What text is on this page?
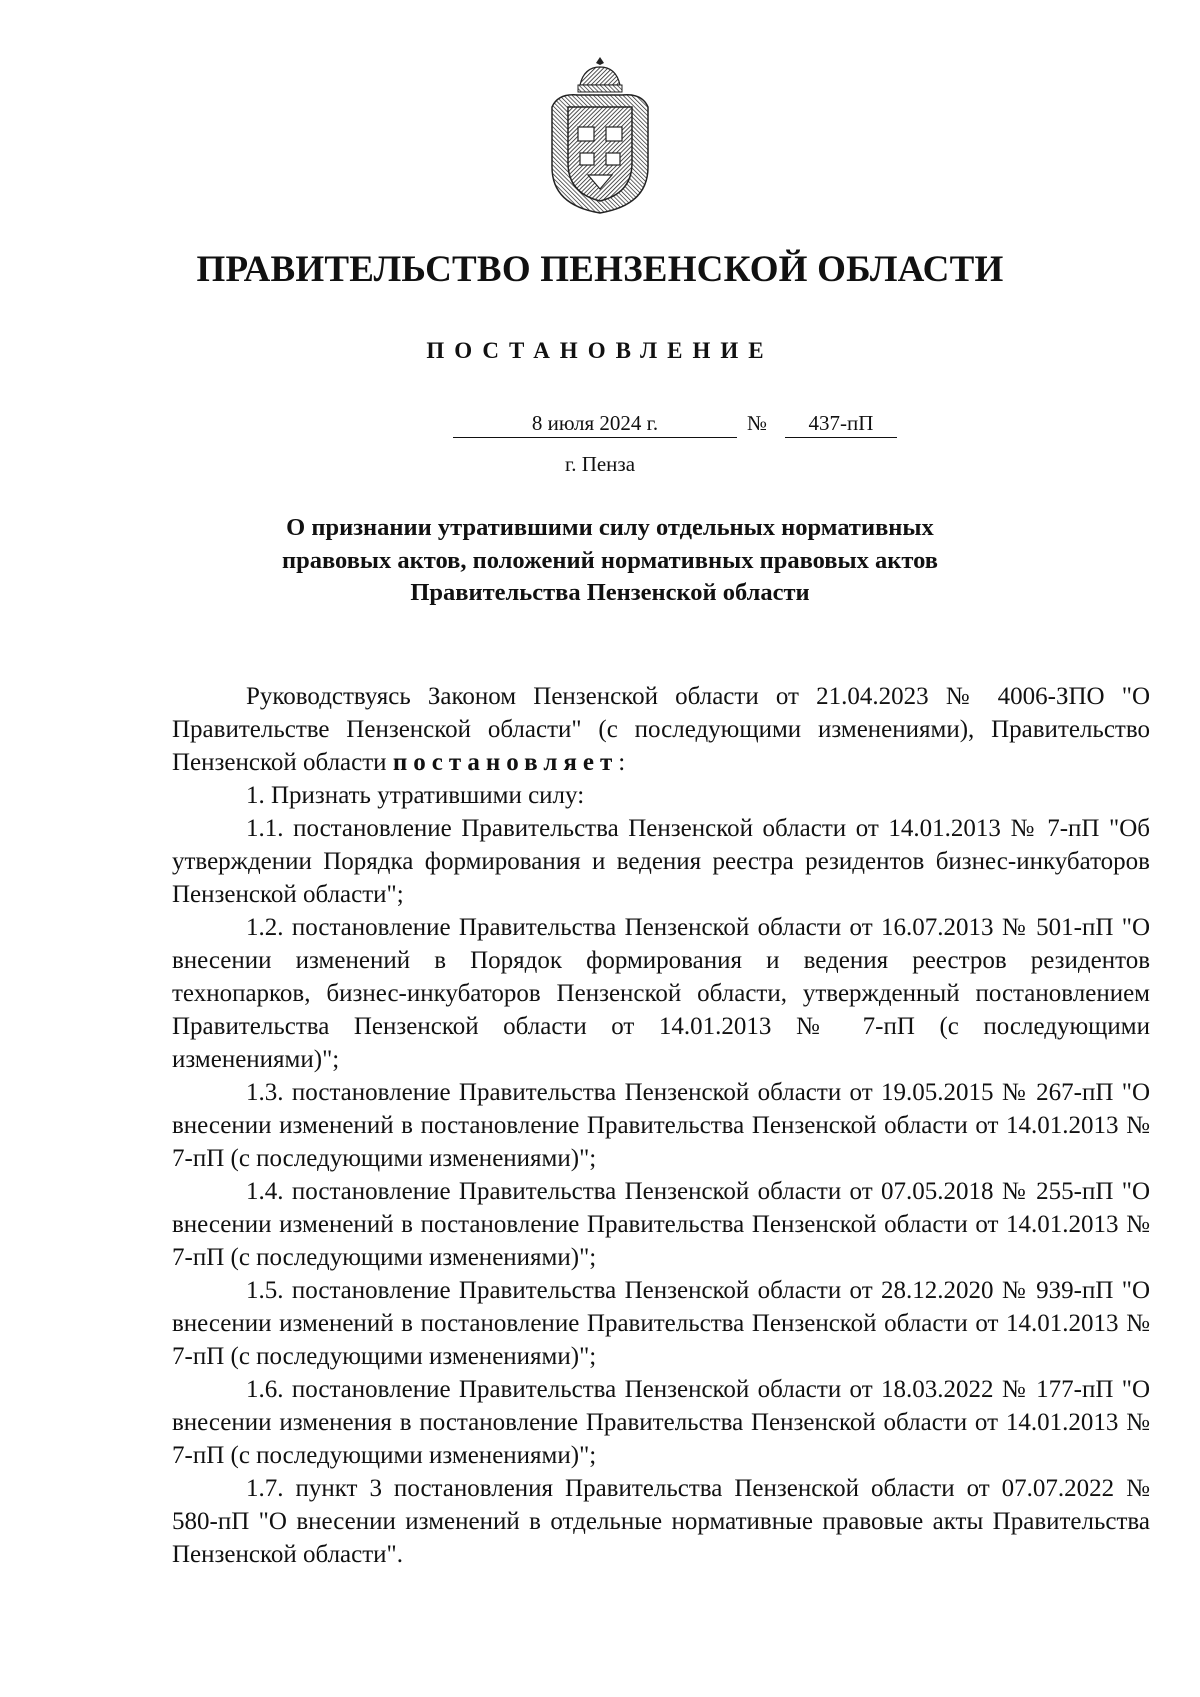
ПРАВИТЕЛЬСТВО ПЕНЗЕНСКОЙ ОБЛАСТИ
ПОСТАНОВЛЕНИЕ
8 июля 2024 г.	№	437-пП
г. Пенза
О признании утратившими силу отдельных нормативных правовых актов, положений нормативных правовых актов Правительства Пензенской области

Руководствуясь Законом Пензенской области от 21.04.2023 № 4006-ЗПО "О Правительстве Пензенской области" (с последующими изменениями), Правительство Пензенской области постановляет:

1. Признать утратившими силу:

1.1. постановление Правительства Пензенской области от 14.01.2013 № 7-пП "Об утверждении Порядка формирования и ведения реестра резидентов бизнес-инкубаторов Пензенской области";

1.2. постановление Правительства Пензенской области от 16.07.2013 № 501-пП "О внесении изменений в Порядок формирования и ведения реестров резидентов технопарков, бизнес-инкубаторов Пензенской области, утвержденный постановлением Правительства Пензенской области от 14.01.2013 № 7-пП (с последующими изменениями)";

1.3. постановление Правительства Пензенской области от 19.05.2015 № 267-пП "О внесении изменений в постановление Правительства Пензенской области от 14.01.2013 № 7-пП (с последующими изменениями)";

1.4. постановление Правительства Пензенской области от 07.05.2018 № 255-пП "О внесении изменений в постановление Правительства Пензенской области от 14.01.2013 № 7-пП (с последующими изменениями)";

1.5. постановление Правительства Пензенской области от 28.12.2020 № 939-пП "О внесении изменений в постановление Правительства Пензенской области от 14.01.2013 № 7-пП (с последующими изменениями)";

1.6. постановление Правительства Пензенской области от 18.03.2022 № 177-пП "О внесении изменения в постановление Правительства Пензенской области от 14.01.2013 № 7-пП (с последующими изменениями)";

1.7. пункт 3 постановления Правительства Пензенской области от 07.07.2022 № 580-пП "О внесении изменений в отдельные нормативные правовые акты Правительства Пензенской области".
